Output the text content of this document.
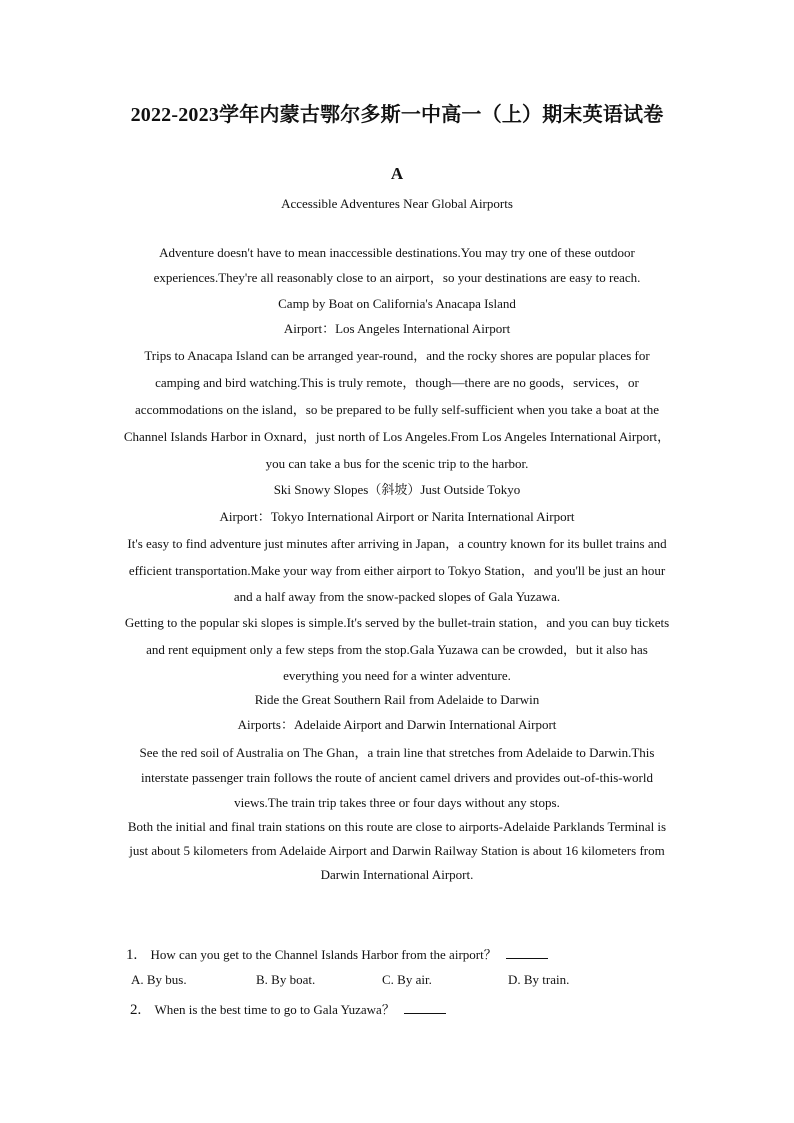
2022-2023学年内蒙古鄂尔多斯一中高一（上）期末英语试卷
A
Accessible Adventures Near Global Airports
Adventure doesn't have to mean inaccessible destinations.You may try one of these outdoor
experiences.They're all reasonably close to an airport，so your destinations are easy to reach.
Camp by Boat on California's Anacapa Island
Airport：Los Angeles International Airport
Trips to Anacapa Island can be arranged year-round，and the rocky shores are popular places for
camping and bird watching.This is truly remote，though—there are no goods，services，or
accommodations on the island，so be prepared to be fully self-sufficient when you take a boat at the
Channel Islands Harbor in Oxnard，just north of Los Angeles.From Los Angeles International Airport，
you can take a bus for the scenic trip to the harbor.
Ski Snowy Slopes（斜坡）Just Outside Tokyo
Airport：Tokyo International Airport or Narita International Airport
It's easy to find adventure just minutes after arriving in Japan，a country known for its bullet trains and
efficient transportation.Make your way from either airport to Tokyo Station，and you'll be just an hour
and a half away from the snow-packed slopes of Gala Yuzawa.
Getting to the popular ski slopes is simple.It's served by the bullet-train station，and you can buy tickets
and rent equipment only a few steps from the stop.Gala Yuzawa can be crowded，but it also has
everything you need for a winter adventure.
Ride the Great Southern Rail from Adelaide to Darwin
Airports：Adelaide Airport and Darwin International Airport
See the red soil of Australia on The Ghan，a train line that stretches from Adelaide to Darwin.This
interstate passenger train follows the route of ancient camel drivers and provides out-of-this-world
views.The train trip takes three or four days without any stops.
Both the initial and final train stations on this route are close to airports-Adelaide Parklands Terminal is
just about 5 kilometers from Adelaide Airport and Darwin Railway Station is about 16 kilometers from
Darwin International Airport.
1. How can you get to the Channel Islands Harbor from the airport？
A. By bus.	B. By boat.	C. By air.	D. By train.
2. When is the best time to go to Gala Yuzawa？
